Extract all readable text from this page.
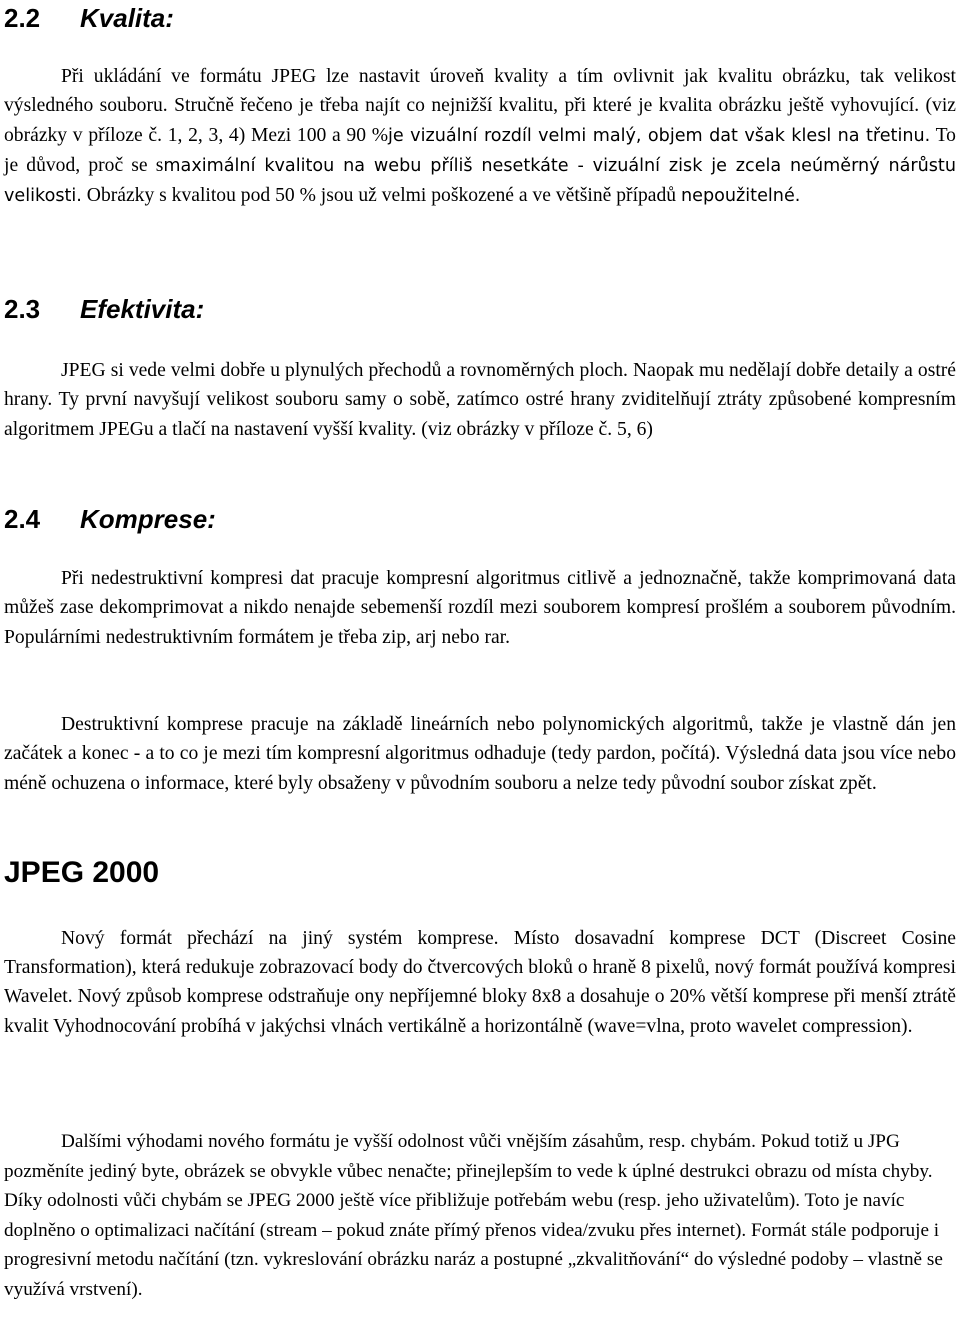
2.2 Kvalita:

Při ukládání ve formátu JPEG lze nastavit úroveň kvality a tím ovlivnit jak kvalitu obrázku, tak velikost výsledného souboru. Stručně řečeno je třeba najít co nejnižší kvalitu, při které je kvalita obrázku ještě vyhovující. (viz obrázky v příloze č. 1, 2, 3, 4) Mezi 100 a 90 %je vizuální rozdíl velmi malý, objem dat však klesl na třetinu. To je důvod, proč se smaximální kvalitou na webu příliš nesetkáte - vizuální zisk je zcela neúměrný nárůstu velikosti. Obrázky s kvalitou pod 50 % jsou už velmi poškozené a ve většině případů nepoužitelné.

2.3 Efektivita:

JPEG si vede velmi dobře u plynulých přechodů a rovnoměrných ploch. Naopak mu nedělají dobře detaily a ostré hrany. Ty první navyšují velikost souboru samy o sobě, zatímco ostré hrany zviditelňují ztráty způsobené kompresním algoritmem JPEGu a tlačí na nastavení vyšší kvality. (viz obrázky v příloze č. 5, 6)

2.4 Komprese:

Při nedestruktivní kompresi dat pracuje kompresní algoritmus citlivě a jednoznačně, takže komprimovaná data můžeš zase dekomprimovat a nikdo nenajde sebemenší rozdíl mezi souborem kompresí prošlém a souborem původním. Populárními nedestruktivním formátem je třeba zip, arj nebo rar.

Destruktivní komprese pracuje na základě lineárních nebo polynomických algoritmů, takže je vlastně dán jen začátek a konec - a to co je mezi tím kompresní algoritmus odhaduje (tedy pardon, počítá). Výsledná data jsou více nebo méně ochuzena o informace, které byly obsaženy v původním souboru a nelze tedy původní soubor získat zpět.

JPEG 2000

Nový formát přechází na jiný systém komprese. Místo dosavadní komprese DCT (Discreet Cosine Transformation), která redukuje zobrazovací body do čtvercových bloků o hraně 8 pixelů, nový formát používá kompresi Wavelet. Nový způsob komprese odstraňuje ony nepříjemné bloky 8x8 a dosahuje o 20% větší komprese při menší ztrátě kvalit Vyhodnocování probíhá v jakýchsi vlnách vertikálně a horizontálně (wave=vlna, proto wavelet compression).

Dalšími výhodami nového formátu je vyšší odolnost vůči vnějším zásahům, resp. chybám. Pokud totiž u JPG pozměníte jediný byte, obrázek se obvykle vůbec nenačte; přinejlepším to vede k úplné destrukci obrazu od místa chyby. Díky odolnosti vůči chybám se JPEG 2000 ještě více přibližuje potřebám webu (resp. jeho uživatelům). Toto je navíc doplněno o optimalizaci načítání (stream – pokud znáte přímý přenos videa/zvuku přes internet). Formát stále podporuje i progresivní metodu načítání (tzn. vykreslování obrázku naráz a postupné „zkvalitňování“ do výsledné podoby – vlastně se využívá vrstvení).
